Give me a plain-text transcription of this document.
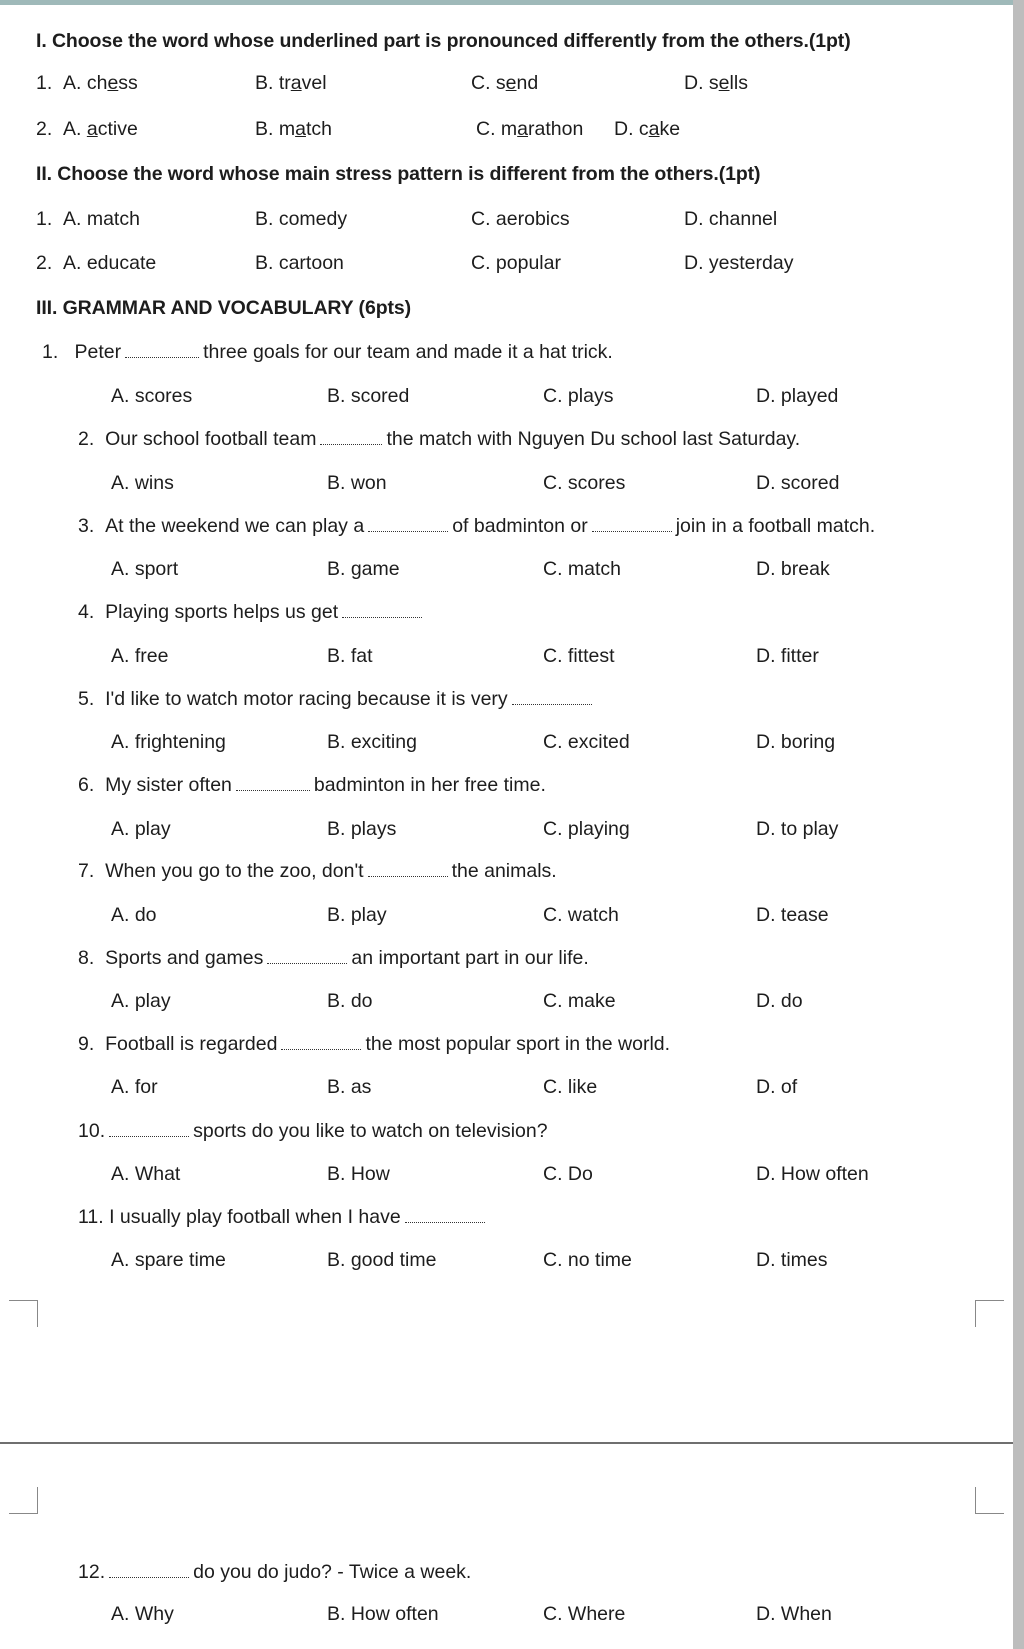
I. Choose the word whose underlined part is pronounced differently from the others.(1pt)
1. A. chess	B. travel	C. send	D. sells
2. A. active	B. match	C. marathon D. cake
II. Choose the word whose main stress pattern is different from the others.(1pt)
1. A. match	B. comedy	C. aerobics	D. channel
2. A. educate	B. cartoon	C. popular	D. yesterday
III. GRAMMAR AND VOCABULARY (6pts)
1. Peter	three goals for our team and made it a hat trick.
A. scores	B. scored	C. plays	D. played
2. Our school football team	the match with Nguyen Du school last Saturday.
A. wins	B. won	C. scores	D. scored
3. At the weekend we can play a	of badminton or	join in a football match.
A. sport	B. game	C. match	D. break
4. Playing sports helps us get
A. free	B. fat	C. fittest	D. fitter
5. I'd like to watch motor racing because it is very
A. frightening	B. exciting	C. excited	D. boring
6. My sister often	badminton in her free time.
A. play	B. plays	C. playing	D. to play
7. When you go to the zoo, don't	the animals.
A. do	B. play	C. watch	D. tease
8. Sports and games	an important part in our life.
A. play	B. do	C. make	D. do
9. Football is regarded	the most popular sport in the world.
A. for	B. as	C. like	D. of
10.	sports do you like to watch on television?
A. What	B. How	C. Do	D. How often
11. I usually play football when I have
A. spare time	B. good time	C. no time	D. times
12.	do you do judo? - Twice a week.
A. Why	B. How often	C. Where	D. When
